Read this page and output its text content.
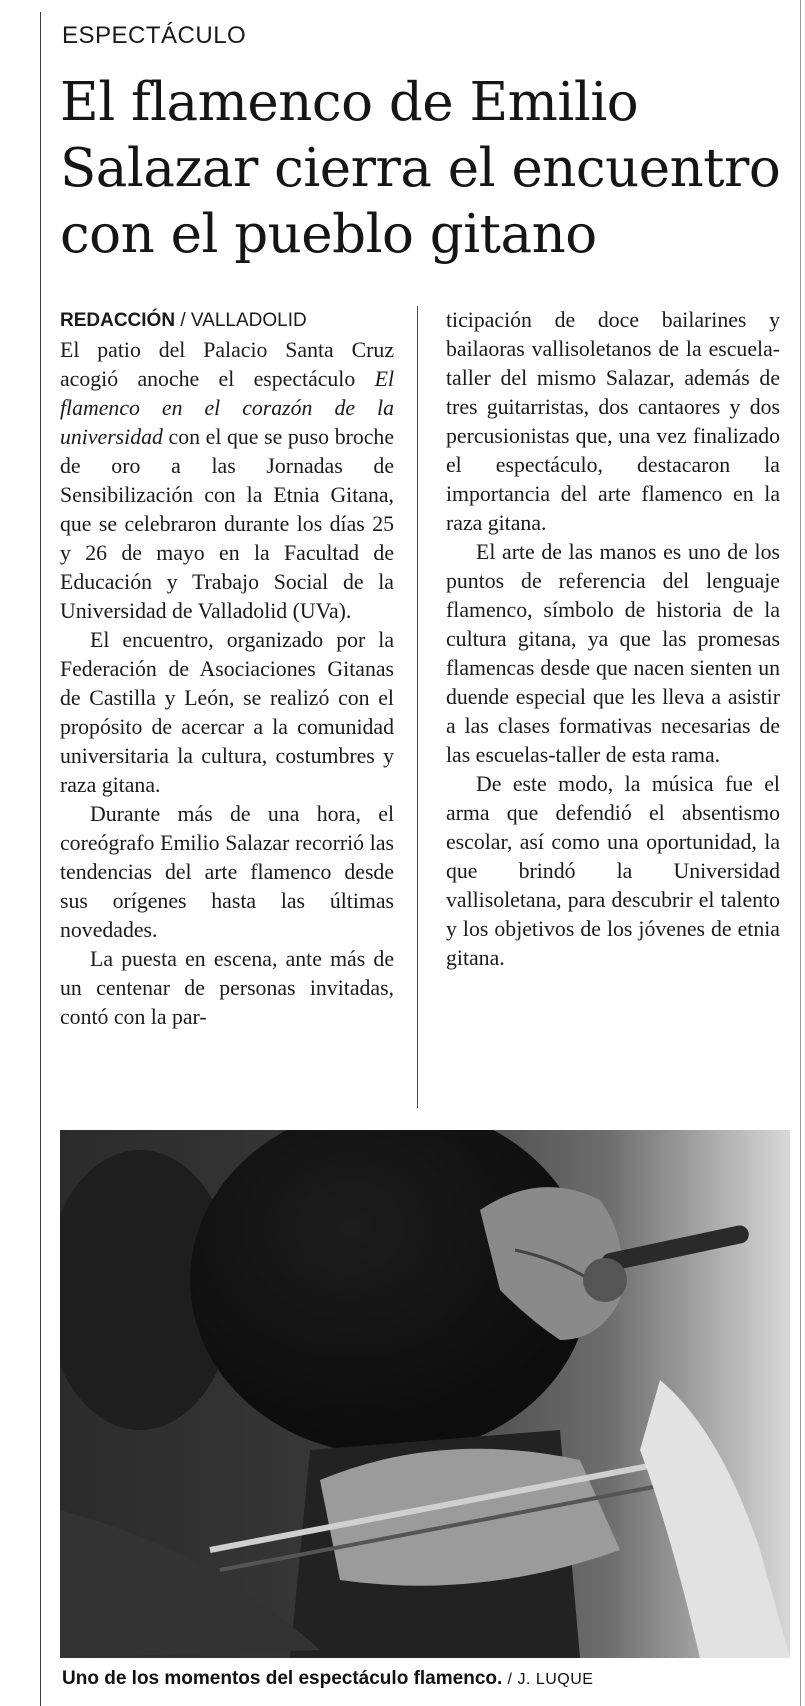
ESPECTÁCULO
El flamenco de Emilio Salazar cierra el encuentro con el pueblo gitano
REDACCIÓN / VALLADOLID

El patio del Palacio Santa Cruz acogió anoche el espectáculo El flamenco en el corazón de la universidad con el que se puso broche de oro a las Jornadas de Sensibilización con la Etnia Gitana, que se celebraron durante los días 25 y 26 de mayo en la Facultad de Educación y Trabajo Social de la Universidad de Valladolid (UVa).

El encuentro, organizado por la Federación de Asociaciones Gitanas de Castilla y León, se realizó con el propósito de acercar a la comunidad universitaria la cultura, costumbres y raza gitana.

Durante más de una hora, el coreógrafo Emilio Salazar recorrió las tendencias del arte flamenco desde sus orígenes hasta las últimas novedades.

La puesta en escena, ante más de un centenar de personas invitadas, contó con la par-

ticipación de doce bailarines y bailaoras vallisoletanos de la escuela-taller del mismo Salazar, además de tres guitarristas, dos cantaores y dos percusionistas que, una vez finalizado el espectáculo, destacaron la importancia del arte flamenco en la raza gitana.

El arte de las manos es uno de los puntos de referencia del lenguaje flamenco, símbolo de historia de la cultura gitana, ya que las promesas flamencas desde que nacen sienten un duende especial que les lleva a asistir a las clases formativas necesarias de las escuelas-taller de esta rama.

De este modo, la música fue el arma que defendió el absentismo escolar, así como una oportunidad, la que brindó la Universidad vallisoletana, para descubrir el talento y los objetivos de los jóvenes de etnia gitana.

Uno de los momentos del espectáculo flamenco. / J. LUQUE
